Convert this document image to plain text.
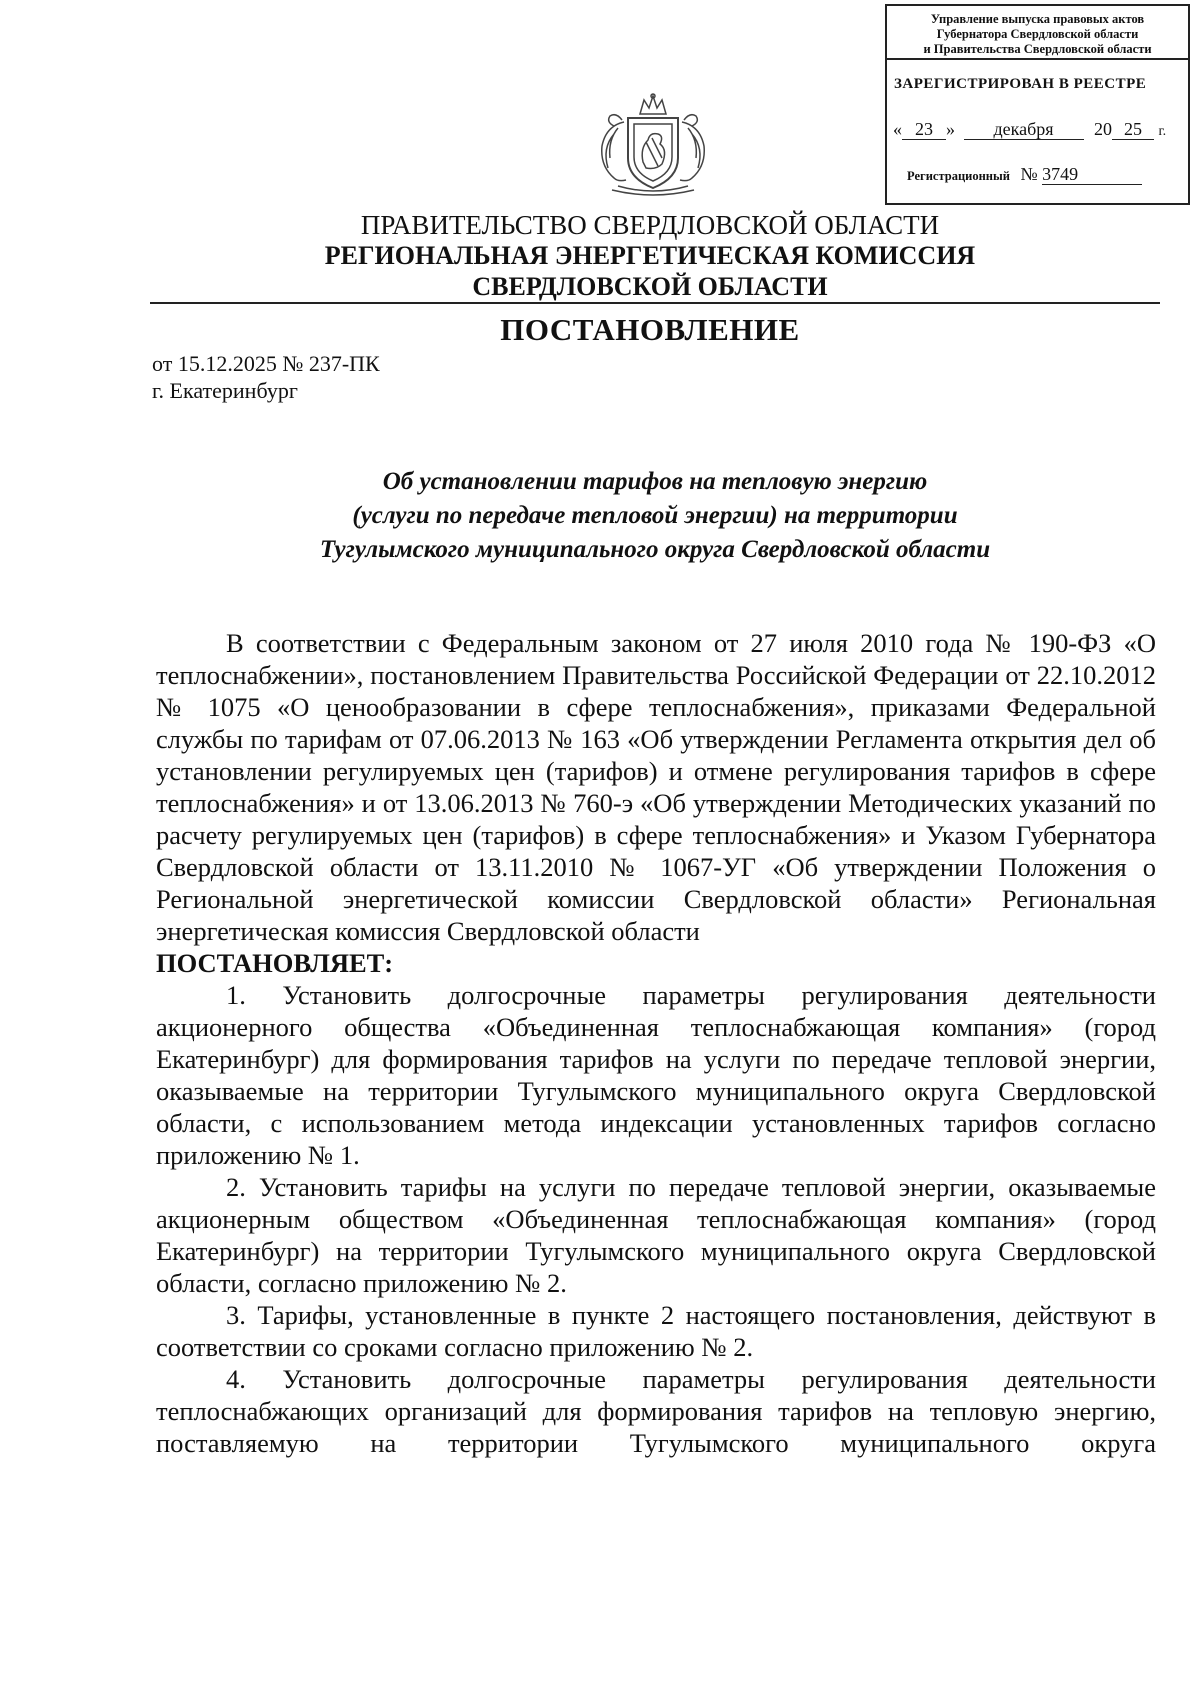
Управление выпуска правовых актов
Губернатора Свердловской области
и Правительства Свердловской области
ЗАРЕГИСТРИРОВАН В РЕЕСТРЕ
« 23 » декабря 20 25 г.
Регистрационный № 3749
ПРАВИТЕЛЬСТВО СВЕРДЛОВСКОЙ ОБЛАСТИ
РЕГИОНАЛЬНАЯ ЭНЕРГЕТИЧЕСКАЯ КОМИССИЯ
СВЕРДЛОВСКОЙ ОБЛАСТИ
ПОСТАНОВЛЕНИЕ
от 15.12.2025 № 237-ПК
г. Екатеринбург
Об установлении тарифов на тепловую энергию
(услуги по передаче тепловой энергии) на территории
Тугулымского муниципального округа Свердловской области

В соответствии с Федеральным законом от 27 июля 2010 года № 190-ФЗ «О теплоснабжении», постановлением Правительства Российской Федерации от 22.10.2012 № 1075 «О ценообразовании в сфере теплоснабжения», приказами Федеральной службы по тарифам от 07.06.2013 № 163 «Об утверждении Регламента открытия дел об установлении регулируемых цен (тарифов) и отмене регулирования тарифов в сфере теплоснабжения» и от 13.06.2013 № 760-э «Об утверждении Методических указаний по расчету регулируемых цен (тарифов) в сфере теплоснабжения» и Указом Губернатора Свердловской области от 13.11.2010 № 1067-УГ «Об утверждении Положения о Региональной энергетической комиссии Свердловской области» Региональная энергетическая комиссия Свердловской области

ПОСТАНОВЛЯЕТ:

1. Установить долгосрочные параметры регулирования деятельности акционерного общества «Объединенная теплоснабжающая компания» (город Екатеринбург) для формирования тарифов на услуги по передаче тепловой энергии, оказываемые на территории Тугулымского муниципального округа Свердловской области, с использованием метода индексации установленных тарифов согласно приложению № 1.

2. Установить тарифы на услуги по передаче тепловой энергии, оказываемые акционерным обществом «Объединенная теплоснабжающая компания» (город Екатеринбург) на территории Тугулымского муниципального округа Свердловской области, согласно приложению № 2.

3. Тарифы, установленные в пункте 2 настоящего постановления, действуют в соответствии со сроками согласно приложению № 2.

4. Установить долгосрочные параметры регулирования деятельности теплоснабжающих организаций для формирования тарифов на тепловую энергию, поставляемую на территории Тугулымского муниципального округа
